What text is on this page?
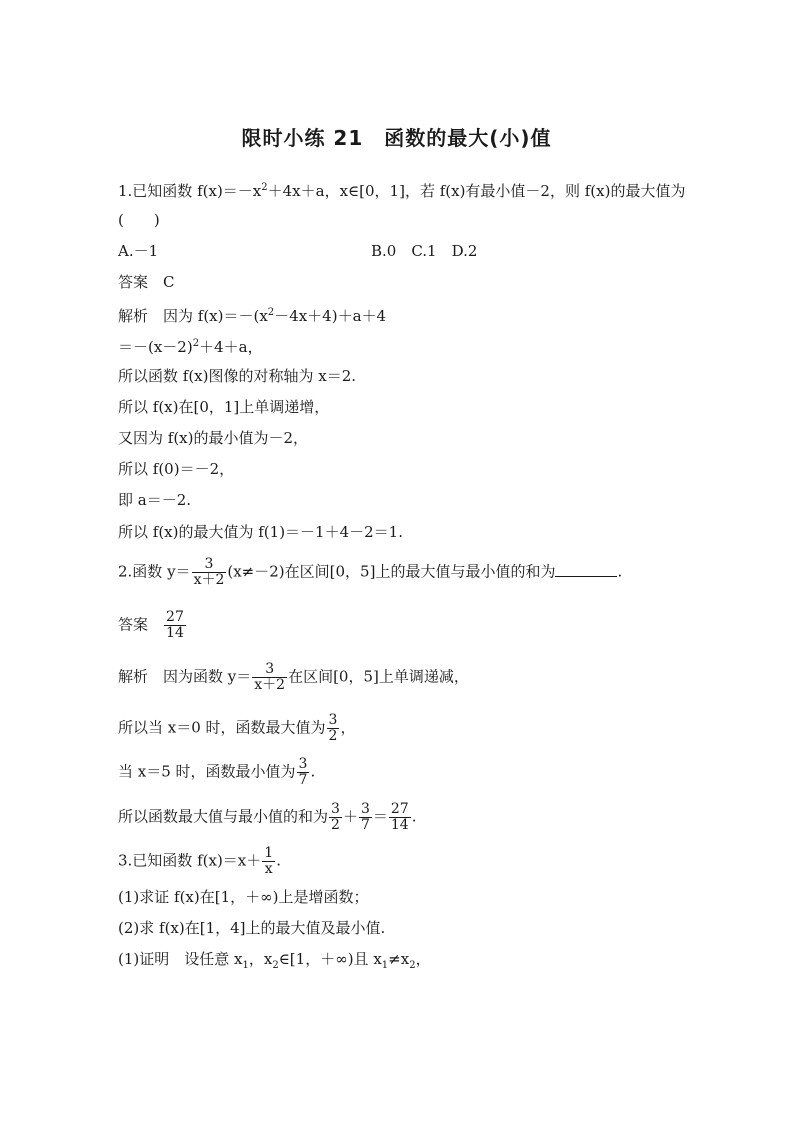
限时小练 21　函数的最大(小)值
1.已知函数 $f(x)=-x^2+4x+a$，x∈[0，1]，若 f(x)有最小值－2，则 f(x)的最大值为
(　　)
A.－1	B.0　C.1　D.2
答案　C
解析　因为 $f(x)=-(x^2-4x+4)+a+4$
$=-(x-2)^2+4+a$，
所以函数 f(x)图像的对称轴为 x＝2.
所以 f(x)在[0，1]上单调递增，
又因为 f(x)的最小值为－2，
所以 f(0)＝－2，
即 a＝－2.
所以 f(x)的最大值为 f(1)＝－1＋4－2＝1.
2.函数 $y= \frac{3}{x+2} (x\ne-2)$在区间[0，5]上的最大值与最小值的和为	.
答案　 $\frac{27}{14}$
解析　因为函数 $y= \frac{3}{x+2}$ 在区间[0，5]上单调递减，
所以当 x＝0 时，函数最大值为 $\frac{3}{2}$ ，
当 x＝5 时，函数最小值为 $\frac{3}{7}$ .
所以函数最大值与最小值的和为 $\frac{3}{2} + \frac{3}{7} = \frac{27}{14}$ .
3.已知函数 $f(x)=x+ \frac{1}{x}$ .
(1)求证 f(x)在[1，＋∞)上是增函数；
(2)求 f(x)在[1，4]上的最大值及最小值.
(1)证明　设任意 $x_1$，$x_2\in[1$，＋∞)且 $x_1\ne x_2$，
